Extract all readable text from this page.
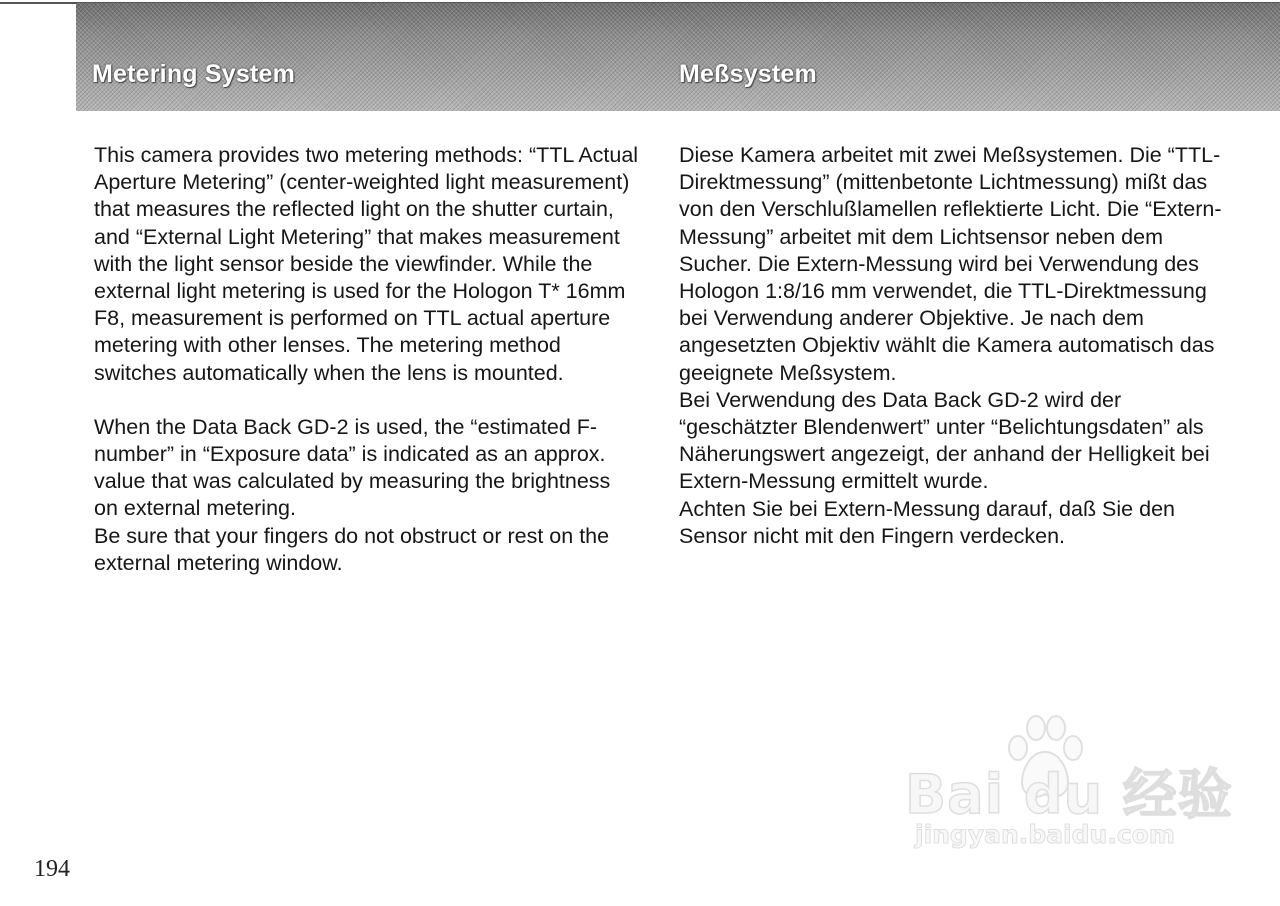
Metering System	Meßsystem

This camera provides two metering methods: “TTL Actual Aperture Metering” (center-weighted light measurement) that measures the reflected light on the shutter curtain, and “External Light Metering” that makes measurement with the light sensor beside the viewfinder. While the external light metering is used for the Hologon T* 16mm F8, measurement is performed on TTL actual aperture metering with other lenses. The metering method switches automatically when the lens is mounted.

When the Data Back GD-2 is used, the “estimated F-number” in “Exposure data” is indicated as an approx. value that was calculated by measuring the brightness on external metering.

Be sure that your fingers do not obstruct or rest on the external metering window.

Diese Kamera arbeitet mit zwei Meßsystemen. Die “TTL-Direktmessung” (mittenbetonte Lichtmessung) mißt das von den Verschlußlamellen reflektierte Licht. Die “Extern-Messung” arbeitet mit dem Lichtsensor neben dem Sucher. Die Extern-Messung wird bei Verwendung des Hologon 1:8/16 mm verwendet, die TTL-Direktmessung bei Verwendung anderer Objektive. Je nach dem angesetzten Objektiv wählt die Kamera automatisch das geeignete Meßsystem.

Bei Verwendung des Data Back GD-2 wird der “geschätzter Blendenwert” unter “Belichtungsdaten” als Näherungswert angezeigt, der anhand der Helligkeit bei Extern-Messung ermittelt wurde.

Achten Sie bei Extern-Messung darauf, daß Sie den Sensor nicht mit den Fingern verdecken.

194
Bai du 经验
jingyan.baidu.com
